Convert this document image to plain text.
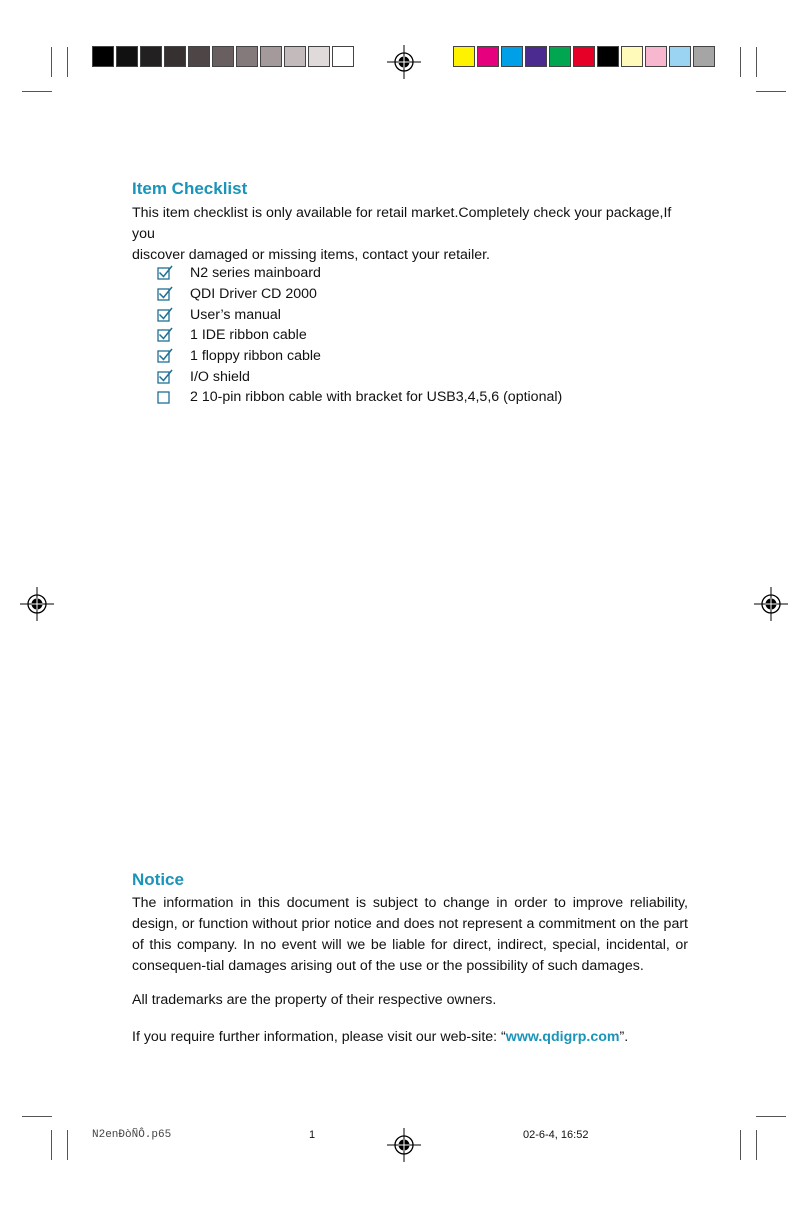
Item Checklist

This item checklist is only available for retail market.Completely check your package,If you
discover damaged or missing items, contact your retailer.

N2 series mainboard
QDI Driver CD 2000
User’s manual
1 IDE ribbon cable
1 floppy ribbon cable
I/O shield
2 10-pin ribbon cable with bracket for USB3,4,5,6 (optional)
Notice

The information in this document is subject to change in order to improve reliability, design, or function without prior notice and does not represent a commitment on the part of this company. In no event will we be liable for direct, indirect, special, incidental, or consequen-tial damages arising out of the use or the possibility of such damages.

All trademarks are the property of their respective owners.

If you require further information, please visit our web-site: “www.qdigrp.com”.

N2enÐòÑÔ.p65	1	02-6-4, 16:52
